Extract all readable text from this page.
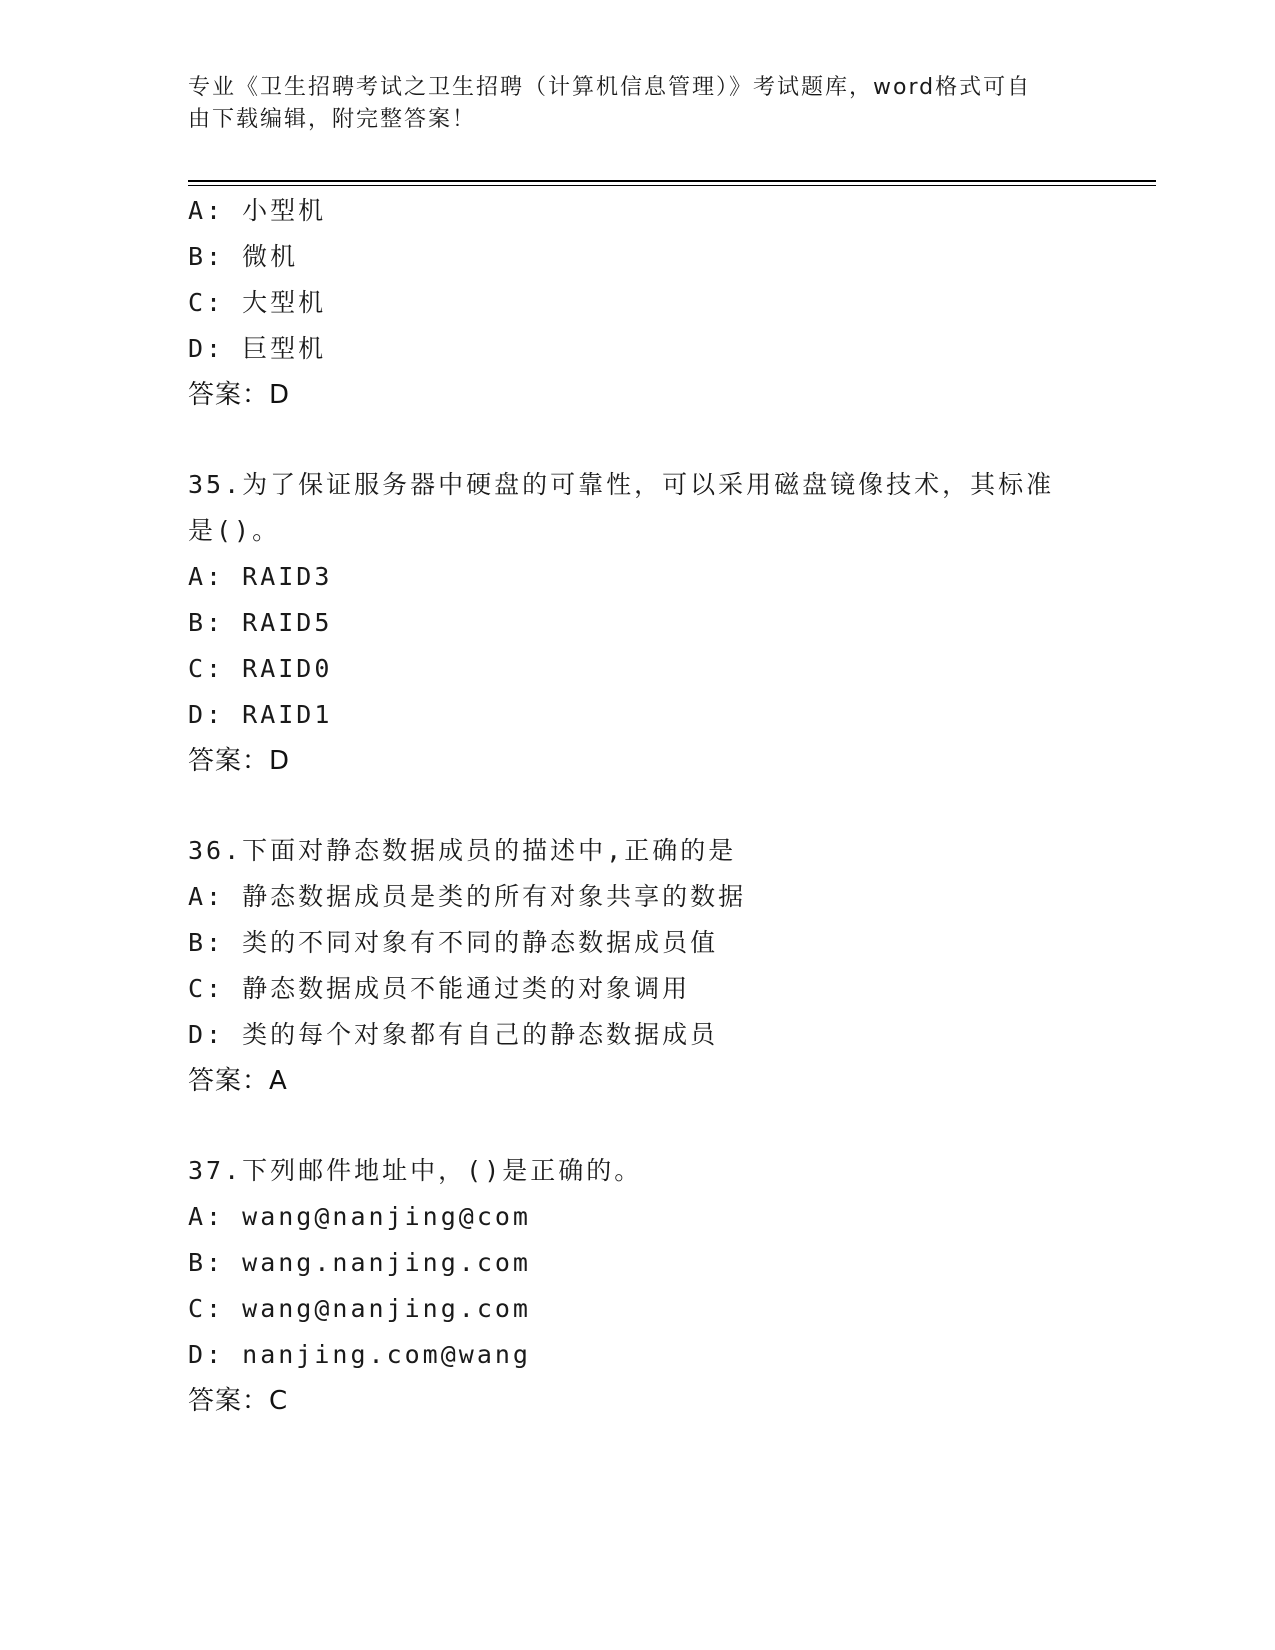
专业《卫生招聘考试之卫生招聘（计算机信息管理）》考试题库，word格式可自
由下载编辑，附完整答案！
A: 小型机
B: 微机
C: 大型机
D: 巨型机
答案：D
35.为了保证服务器中硬盘的可靠性，可以采用磁盘镜像技术，其标准
是()。
A: RAID3
B: RAID5
C: RAID0
D: RAID1
答案：D
36.下面对静态数据成员的描述中,正确的是
A: 静态数据成员是类的所有对象共享的数据
B: 类的不同对象有不同的静态数据成员值
C: 静态数据成员不能通过类的对象调用
D: 类的每个对象都有自己的静态数据成员
答案：A
37.下列邮件地址中，()是正确的。
A: wang@nanjing@com
B: wang.nanjing.com
C: wang@nanjing.com
D: nanjing.com@wang
答案：C
